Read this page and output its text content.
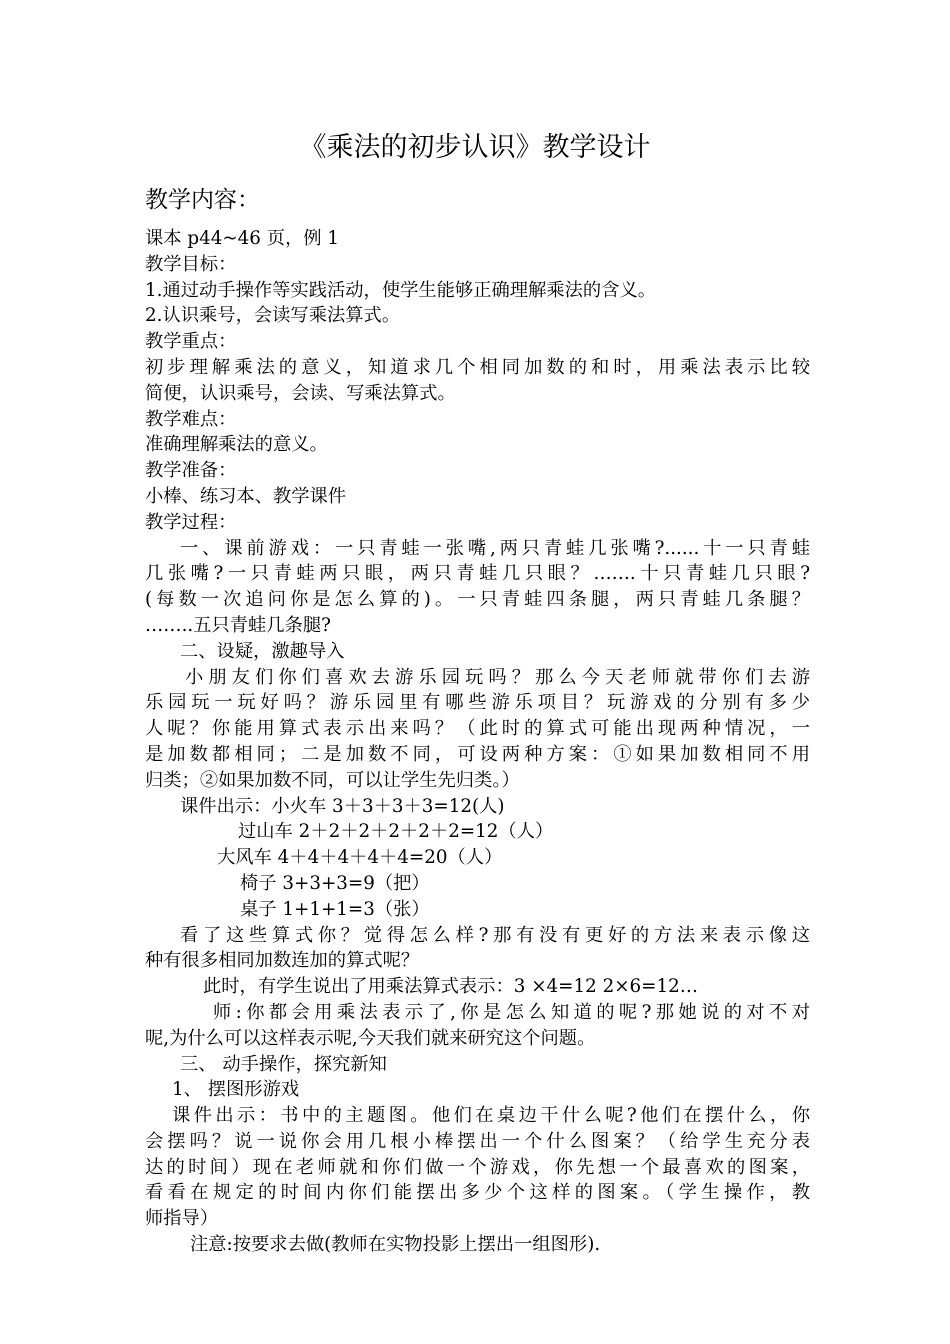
《乘法的初步认识》教学设计
教学内容：
课本 p44~46 页，例 1
教学目标：
1.通过动手操作等实践活动，使学生能够正确理解乘法的含义。
2.认识乘号，会读写乘法算式。
教学重点：
初步理解乘法的意义，知道求几个相同加数的和时，用乘法表示比较
简便，认识乘号，会读、写乘法算式。
教学难点：
准确理解乘法的意义。
教学准备：
小棒、练习本、教学课件
教学过程：
一、课前游戏：一只青蛙一张嘴,两只青蛙几张嘴?......十一只青蛙
几张嘴?一只青蛙两只眼，两只青蛙几只眼？…….十只青蛙几只眼?
(每数一次追问你是怎么算的)。一只青蛙四条腿，两只青蛙几条腿？
……..五只青蛙几条腿?
二、设疑，激趣导入
小朋友们你们喜欢去游乐园玩吗？那么今天老师就带你们去游
乐园玩一玩好吗？游乐园里有哪些游乐项目？玩游戏的分别有多少
人呢？你能用算式表示出来吗？（此时的算式可能出现两种情况，一
是加数都相同；二是加数不同，可设两种方案：①如果加数相同不用
归类；②如果加数不同，可以让学生先归类。）
课件出示：小火车 3＋3＋3＋3=12(人)
过山车 2＋2＋2＋2＋2＋2=12（人）
大风车 4＋4＋4＋4＋4=20（人）
椅子 3+3+3=9（把）
桌子 1+1+1=3（张）
看了这些算式你？觉得怎么样?那有没有更好的方法来表示像这
种有很多相同加数连加的算式呢？
此时，有学生说出了用乘法算式表示：3 ×4=12 2×6=12…
师:你都会用乘法表示了,你是怎么知道的呢?那她说的对不对
呢,为什么可以这样表示呢,今天我们就来研究这个问题。
三、 动手操作，探究新知
1、 摆图形游戏
课件出示：书中的主题图。他们在桌边干什么呢?他们在摆什么，你
会摆吗？说一说你会用几根小棒摆出一个什么图案？（给学生充分表
达的时间）现在老师就和你们做一个游戏，你先想一个最喜欢的图案，
看看在规定的时间内你们能摆出多少个这样的图案。（学生操作，教
师指导）
注意:按要求去做(教师在实物投影上摆出一组图形).
